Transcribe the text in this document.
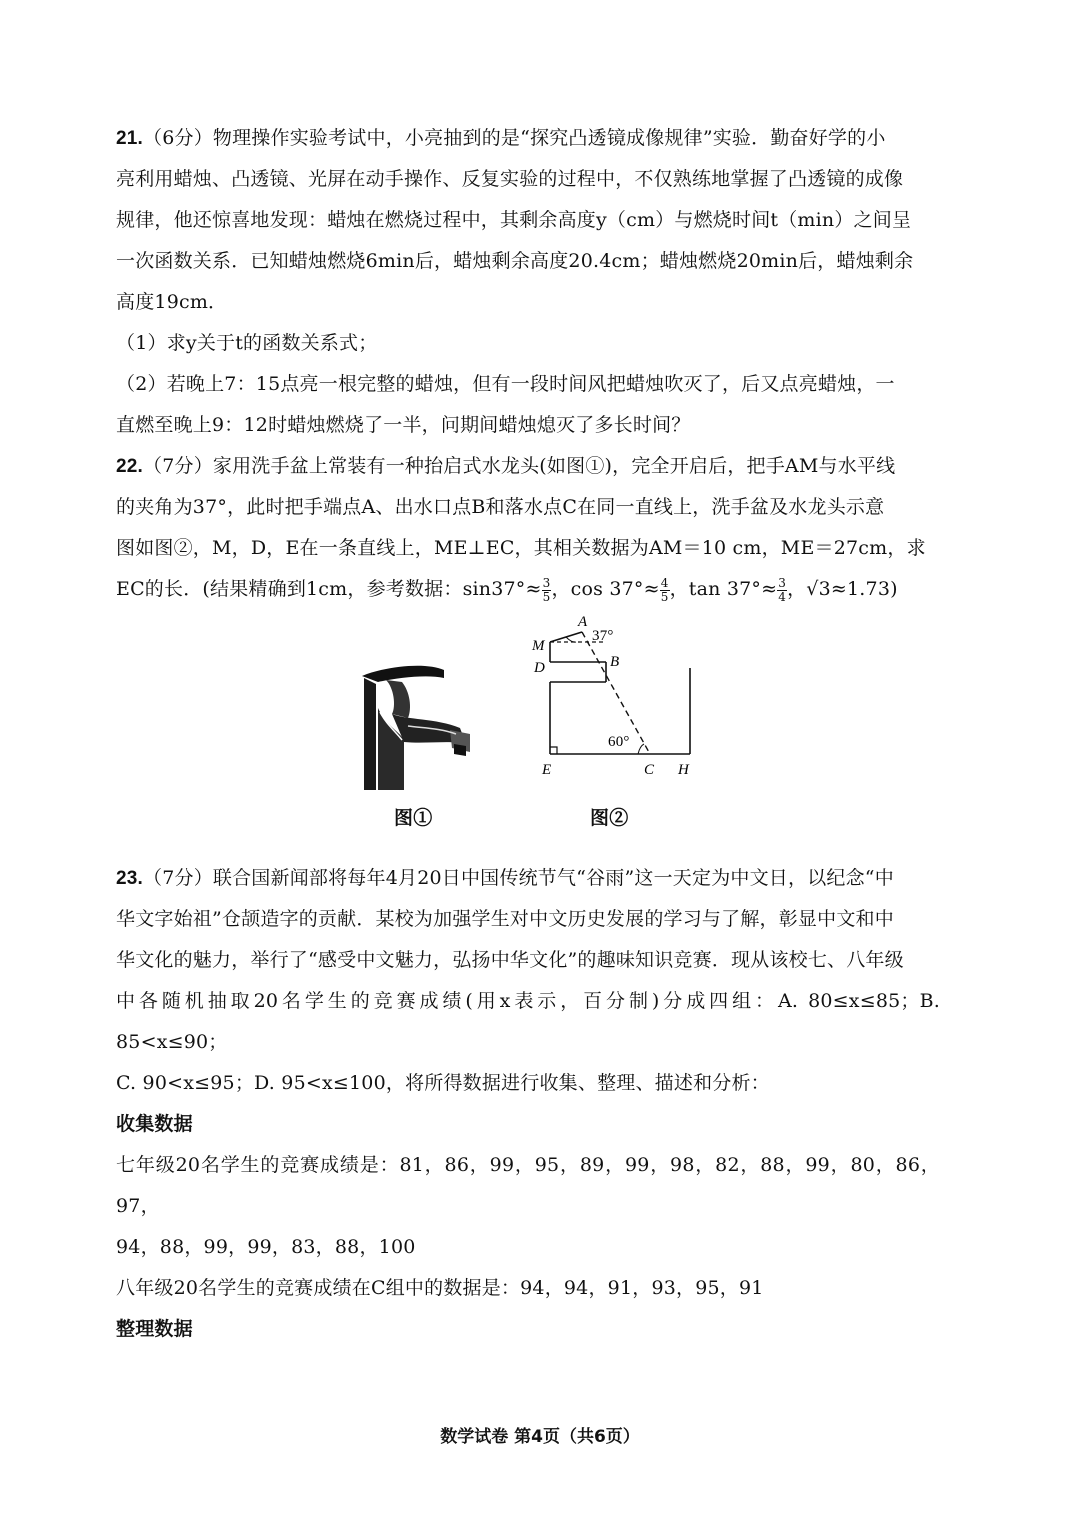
21.（6分）物理操作实验考试中，小亮抽到的是“探究凸透镜成像规律”实验．勤奋好学的小

亮利用蜡烛、凸透镜、光屏在动手操作、反复实验的过程中，不仅熟练地掌握了凸透镜的成像

规律，他还惊喜地发现：蜡烛在燃烧过程中，其剩余高度y（cm）与燃烧时间t（min）之间呈

一次函数关系．已知蜡烛燃烧6min后，蜡烛剩余高度20.4cm；蜡烛燃烧20min后，蜡烛剩余

高度19cm．

（1）求y关于t的函数关系式；

（2）若晚上7：15点亮一根完整的蜡烛，但有一段时间风把蜡烛吹灭了，后又点亮蜡烛，一

直燃至晚上9：12时蜡烛燃烧了一半，问期间蜡烛熄灭了多长时间？

22.（7分）家用洗手盆上常装有一种抬启式水龙头(如图①)，完全开启后，把手AM与水平线

的夹角为37°，此时把手端点A、出水口点B和落水点C在同一直线上，洗手盆及水龙头示意

图如图②，M，D，E在一条直线上，ME⊥EC，其相关数据为AM＝10 cm，ME＝27cm，求

EC的长．(结果精确到1cm，参考数据：$\sin 37^\circ\approx \frac{3}{5}$ ，$\cos 37^\circ\approx \frac{4}{5}$ ，$\tan 37^\circ\approx \frac{3}{4}$ ，√3≈1.73)

A
37°
M
D	B
60°
E	C H
图①	图②

23.（7分）联合国新闻部将每年4月20日中国传统节气“谷雨”这一天定为中文日，以纪念“中

华文字始祖”仓颉造字的贡献．某校为加强学生对中文历史发展的学习与了解，彰显中文和中

华文化的魅力，举行了“感受中文魅力，弘扬中华文化”的趣味知识竞赛．现从该校七、八年级

中各随机抽取20名学生的竞赛成绩(用x表示，百分制)分成四组：A. 80≤x≤85；B. 85<x≤90；

C. 90<x≤95；D. 95<x≤100，将所得数据进行收集、整理、描述和分析：

收集数据

七年级20名学生的竞赛成绩是：81，86，99，95，89，99，98，82，88，99，80，86，97，

94，88，99，99，83，88，100

八年级20名学生的竞赛成绩在C组中的数据是：94，94，91，93，95，91

整理数据

数学试卷 第4页（共6页）
